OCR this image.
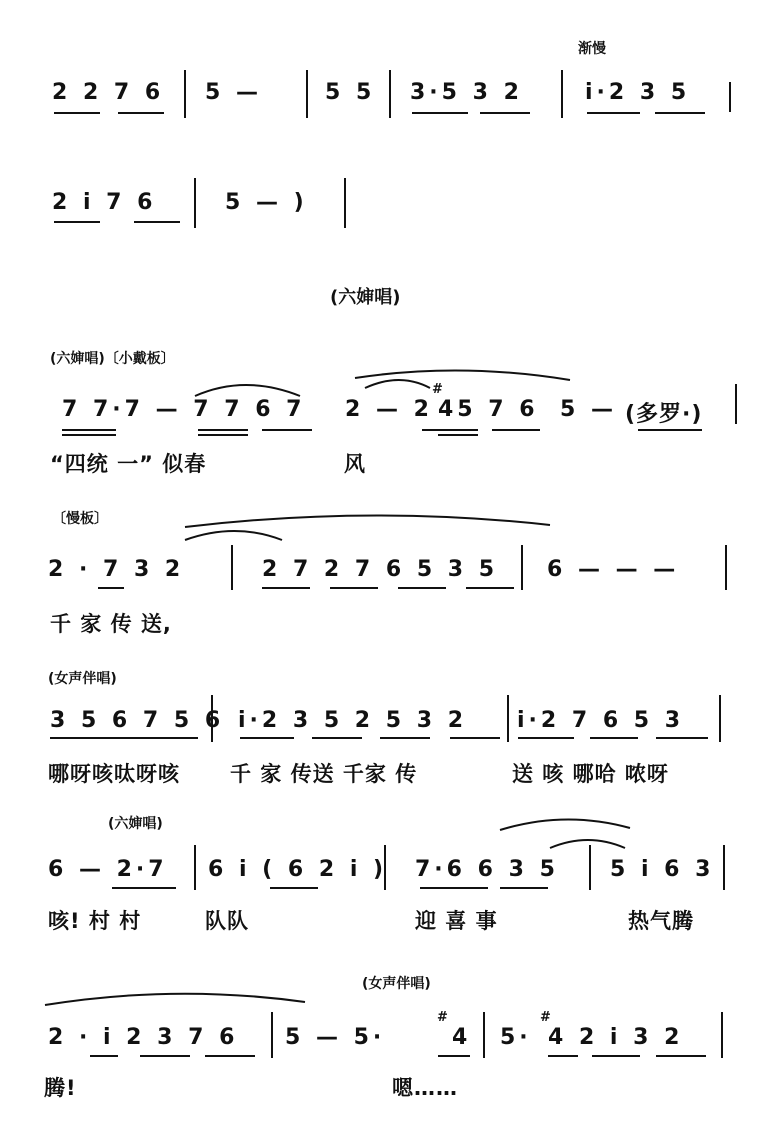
渐慢
2 2 7 6 5 —	5 5 3·5 3 2	i·2 3 5
2 i 7 6	5 — )
(六婶唱)
(六婶唱)〔小戴板〕
7 7·7 — 7 7 6 7 2 — 2 45 7 6 5 — (多罗·)
“四统 一” 似春	风
〔慢板〕
2 · 7 3 2	2 7 2 7 6 5 3 5 6 — — —
千 家 传 送,
(女声伴唱)
3 5 6 7 5 6 i·2 3 5 2 5 3 2 i·2 7 6 5 3
哪呀咳呔呀咳 千 家 传送 千家 传	送 咳 哪哈 哝呀
(六婶唱)
6 — 2·7 6 i ( 6 2 i ) 7·6 6 3 5 5 i 6 3
咳! 村 村	队队	迎 喜 事	热气腾
(女声伴唱)
2 · i 2 3 7 6 5 — 5·	4 5· 4 2 i 3 2
腾!	嗯……
#
#	#
